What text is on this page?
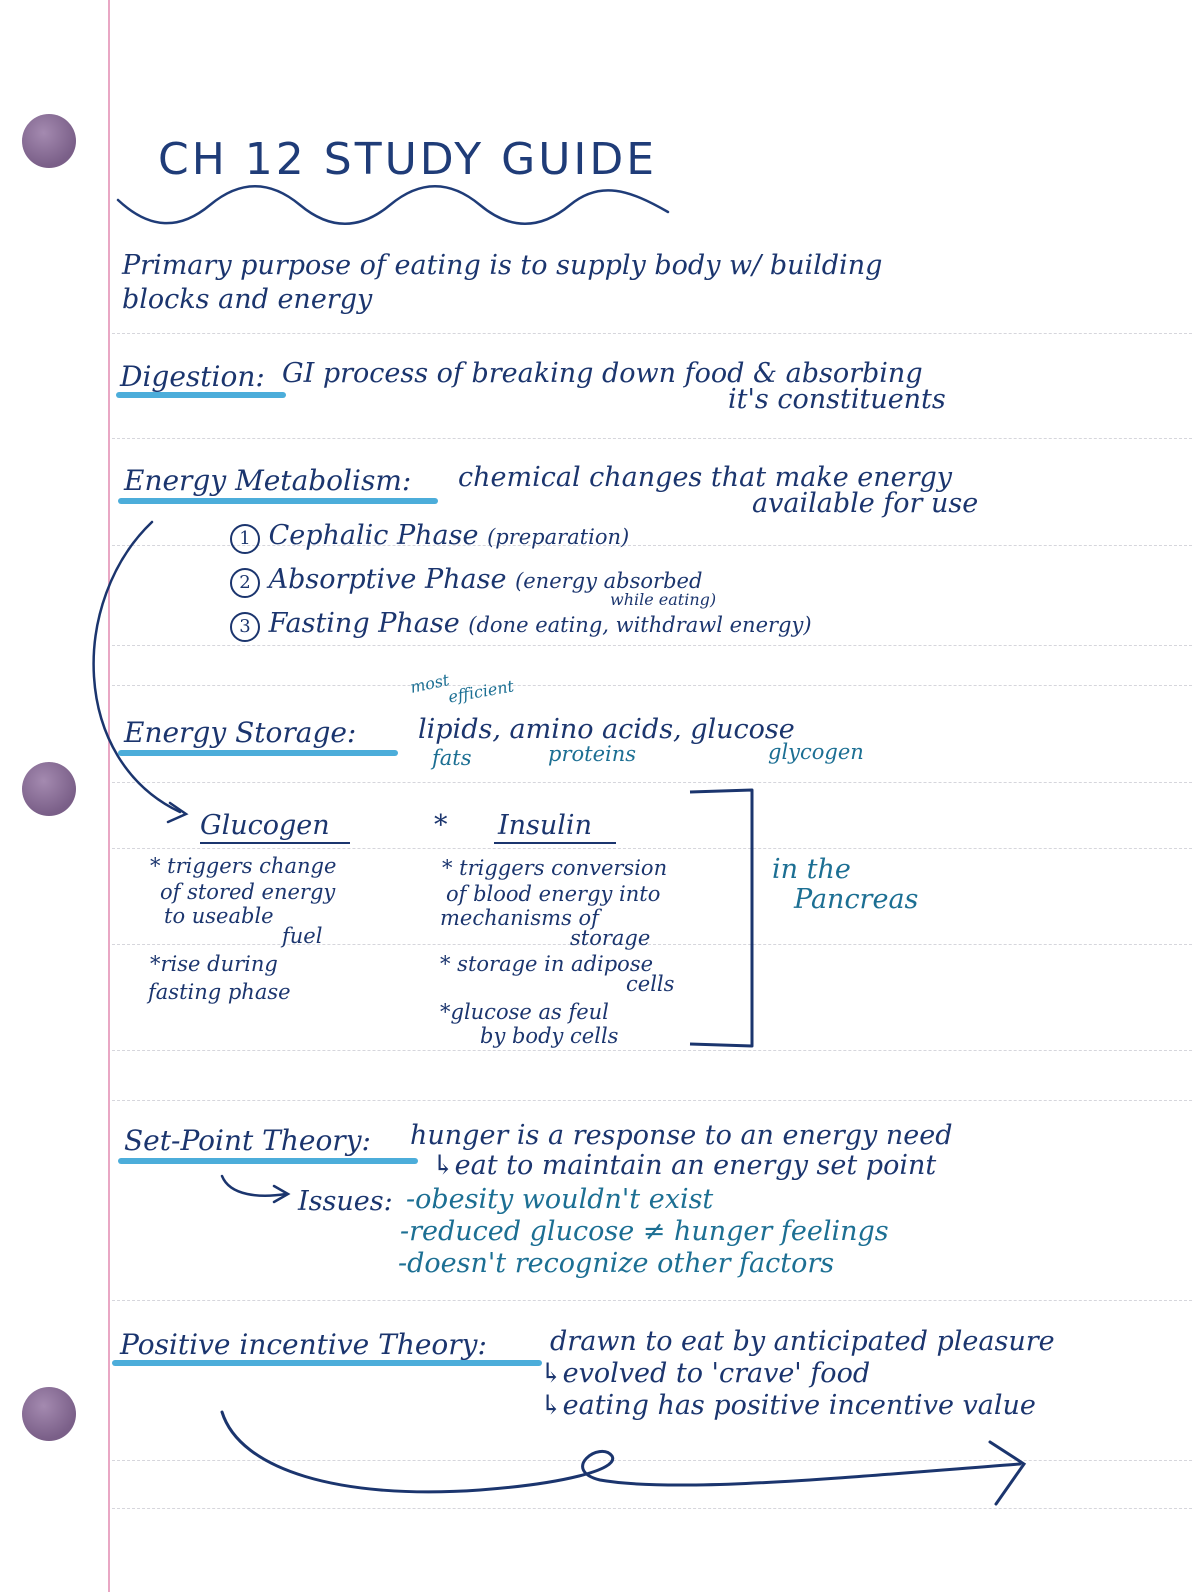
CH 12 STUDY GUIDE
Primary purpose of eating is to supply body w/ building
blocks and energy
Digestion: GI process of breaking down food & absorbing
it's constituents
Energy Metabolism: chemical changes that make energy
available for use
1 Cephalic Phase (preparation)
2 Absorptive Phase (energy absorbed
while eating)
3 Fasting Phase (done eating, withdrawl energy)
most
efficient
Energy Storage: lipids, amino acids, glucose
fats	proteins	glycogen
Glucogen
* triggers change
of stored energy
to useable
fuel
*rise during
fasting phase
* Insulin
* triggers conversion
of blood energy into
mechanisms of
storage
* storage in adipose
cells
*glucose as feul
by body cells
in the
Pancreas
Set-Point Theory: hunger is a response to an energy need
↳eat to maintain an energy set point
Issues: -obesity wouldn't exist
-reduced glucose ≠ hunger feelings
-doesn't recognize other factors
Positive incentive Theory: drawn to eat by anticipated pleasure
↳evolved to 'crave' food
↳eating has positive incentive value
